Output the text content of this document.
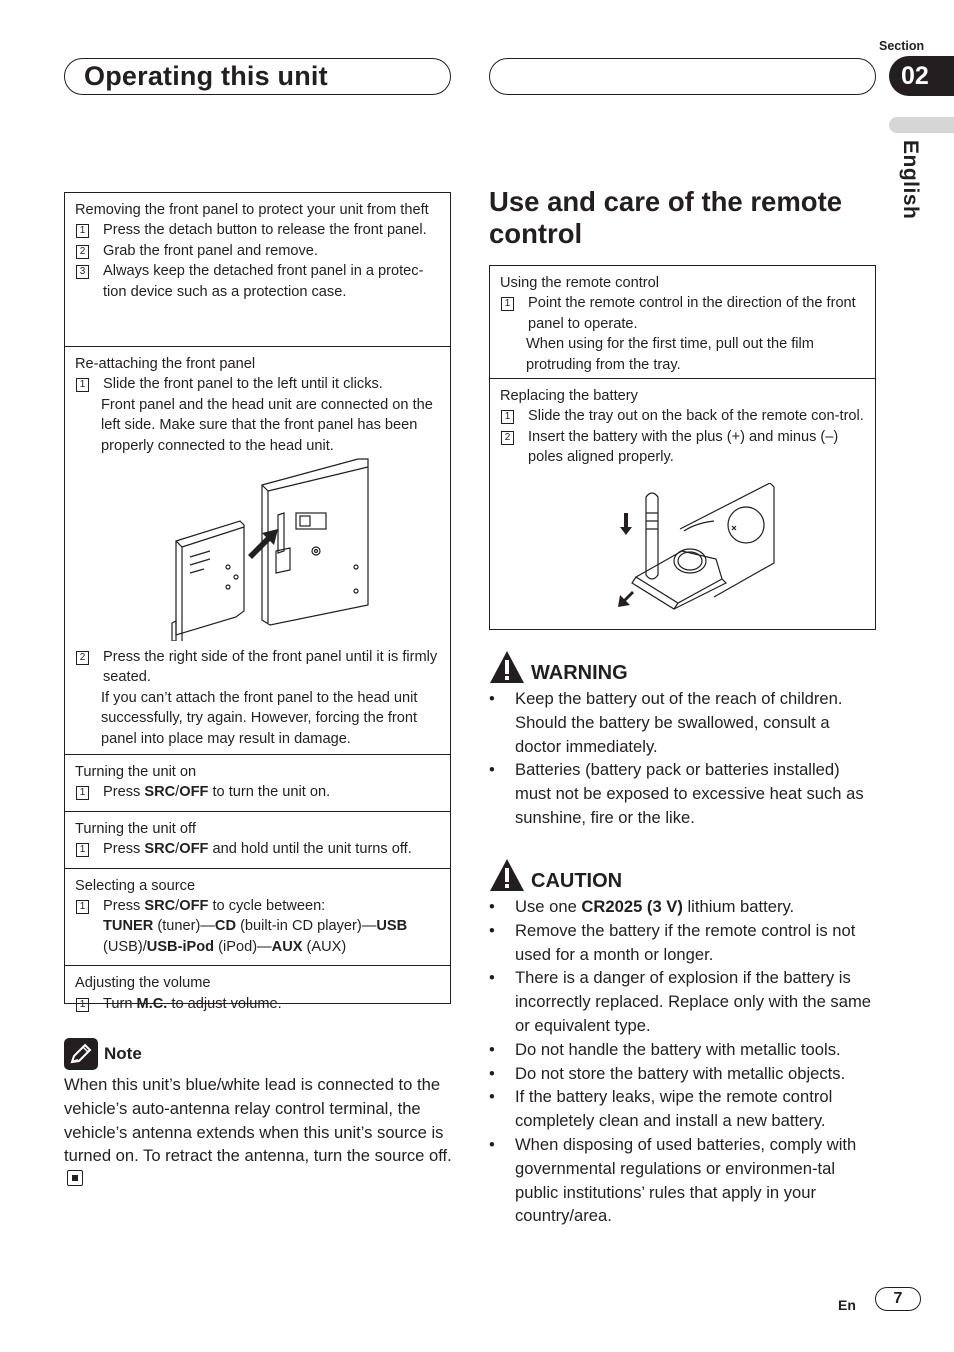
Operating this unit
Section
02
English
Removing the front panel to protect your unit from theft
1 Press the detach button to release the front panel.
2 Grab the front panel and remove.
3 Always keep the detached front panel in a protec-tion device such as a protection case.
Re-attaching the front panel
1 Slide the front panel to the left until it clicks.
Front panel and the head unit are connected on the left side. Make sure that the front panel has been properly connected to the head unit.
2 Press the right side of the front panel until it is firmly seated.
If you can’t attach the front panel to the head unit successfully, try again. However, forcing the front panel into place may result in damage.
Turning the unit on
1 Press SRC/OFF to turn the unit on.
Turning the unit off
1 Press SRC/OFF and hold until the unit turns off.
Selecting a source
1 Press SRC/OFF to cycle between:
TUNER (tuner)—CD (built-in CD player)—USB
(USB)/USB-iPod (iPod)—AUX (AUX)
Adjusting the volume
1 Turn M.C. to adjust volume.
Note
When this unit’s blue/white lead is connected to the vehicle’s auto-antenna relay control terminal, the vehicle’s antenna extends when this unit’s source is turned on. To retract the antenna, turn the source off.
Use and care of the remote control
Using the remote control
1 Point the remote control in the direction of the front panel to operate.
When using for the first time, pull out the film protruding from the tray.
Replacing the battery
1 Slide the tray out on the back of the remote con-trol.
2 Insert the battery with the plus (+) and minus (–) poles aligned properly.
WARNING
•	Keep the battery out of the reach of children. Should the battery be swallowed, consult a doctor immediately.
•	Batteries (battery pack or batteries installed) must not be exposed to excessive heat such as sunshine, fire or the like.
CAUTION
•	Use one CR2025 (3 V) lithium battery.
•	Remove the battery if the remote control is not used for a month or longer.
•	There is a danger of explosion if the battery is incorrectly replaced. Replace only with the same or equivalent type.
•	Do not handle the battery with metallic tools.
•	Do not store the battery with metallic objects.
•	If the battery leaks, wipe the remote control completely clean and install a new battery.
•	When disposing of used batteries, comply with governmental regulations or environmen-tal public institutions’ rules that apply in your country/area.
En	7
